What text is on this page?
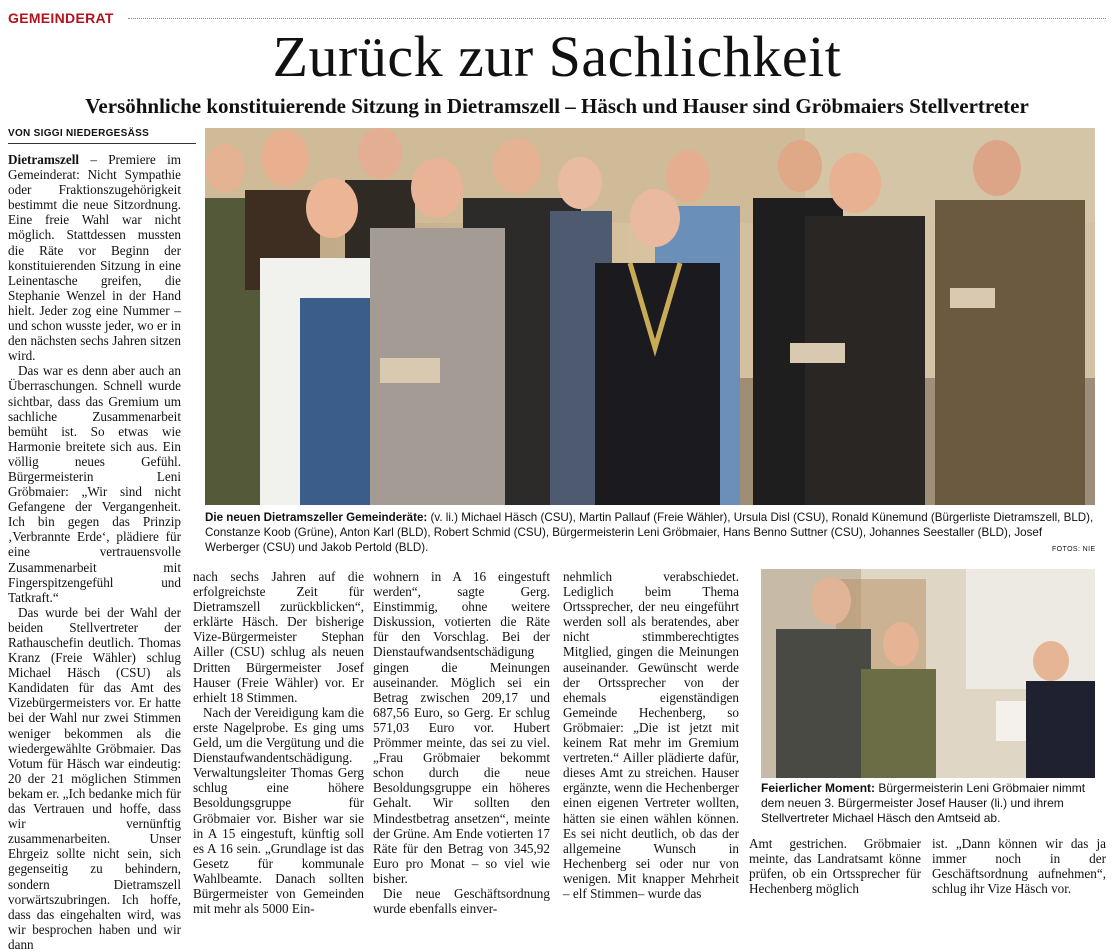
GEMEINDERAT
Zurück zur Sachlichkeit
Versöhnliche konstituierende Sitzung in Dietramszell – Häsch und Hauser sind Gröbmaiers Stellvertreter
VON SIGGI NIEDERGESÄSS

Dietramszell – Premiere im Gemeinderat: Nicht Sympathie oder Fraktionszugehörigkeit bestimmt die neue Sitzordnung. Eine freie Wahl war nicht möglich. Stattdessen mussten die Räte vor Beginn der konstituierenden Sitzung in eine Leinentasche greifen, die Stephanie Wenzel in der Hand hielt. Jeder zog eine Nummer – und schon wusste jeder, wo er in den nächsten sechs Jahren sitzen wird.

Das war es denn aber auch an Überraschungen. Schnell wurde sichtbar, dass das Gremium um sachliche Zusammenarbeit bemüht ist. So etwas wie Harmonie breitete sich aus. Ein völlig neues Gefühl. Bürgermeisterin Leni Gröbmaier: „Wir sind nicht Gefangene der Vergangenheit. Ich bin gegen das Prinzip ‚Verbrannte Erde‘, plädiere für eine vertrauensvolle Zusammenarbeit mit Fingerspitzengefühl und Tatkraft.“

Das wurde bei der Wahl der beiden Stellvertreter der Rathauschefin deutlich. Thomas Kranz (Freie Wähler) schlug Michael Häsch (CSU) als Kandidaten für das Amt des Vizebürgermeisters vor. Er hatte bei der Wahl nur zwei Stimmen weniger bekommen als die wiedergewählte Gröbmaier. Das Votum für Häsch war eindeutig: 20 der 21 möglichen Stimmen bekam er. „Ich bedanke mich für das Vertrauen und hoffe, dass wir vernünftig zusammenarbeiten. Unser Ehrgeiz sollte nicht sein, sich gegenseitig zu behindern, sondern Dietramszell vorwärtszubringen. Ich hoffe, dass das eingehalten wird, was wir besprochen haben und wir dann

Die neuen Dietramszeller Gemeinderäte: (v. li.) Michael Häsch (CSU), Martin Pallauf (Freie Wähler), Ursula Disl (CSU), Ronald Künemund (Bürgerliste Dietramszell, BLD), Constanze Koob (Grüne), Anton Karl (BLD), Robert Schmid (CSU), Bürgermeisterin Leni Gröbmaier, Hans Benno Suttner (CSU), Johannes Seestaller (BLD), Josef Werberger (CSU) und Jakob Pertold (BLD).	FOTOS: NIE

nach sechs Jahren auf die erfolgreichste Zeit für Dietramszell zurückblicken“, erklärte Häsch. Der bisherige Vize-Bürgermeister Stephan Ailler (CSU) schlug als neuen Dritten Bürgermeister Josef Hauser (Freie Wähler) vor. Er erhielt 18 Stimmen.

Nach der Vereidigung kam die erste Nagelprobe. Es ging ums Geld, um die Vergütung und die Dienstaufwandentschädigung. Verwaltungsleiter Thomas Gerg schlug eine höhere Besoldungsgruppe für Gröbmaier vor. Bisher war sie in A 15 eingestuft, künftig soll es A 16 sein. „Grundlage ist das Gesetz für kommunale Wahlbeamte. Danach sollten Bürgermeister von Gemeinden mit mehr als 5000 Ein-

wohnern in A 16 eingestuft werden“, sagte Gerg. Einstimmig, ohne weitere Diskussion, votierten die Räte für den Vorschlag. Bei der Dienstaufwandsentschädigung gingen die Meinungen auseinander. Möglich sei ein Betrag zwischen 209,17 und 687,56 Euro, so Gerg. Er schlug 571,03 Euro vor. Hubert Prömmer meinte, das sei zu viel. „Frau Gröbmaier bekommt schon durch die neue Besoldungsgruppe ein höheres Gehalt. Wir sollten den Mindestbetrag ansetzen“, meinte der Grüne. Am Ende votierten 17 Räte für den Betrag von 345,92 Euro pro Monat – so viel wie bisher.

Die neue Geschäftsordnung wurde ebenfalls einver-

nehmlich verabschiedet. Lediglich beim Thema Ortssprecher, der neu eingeführt werden soll als beratendes, aber nicht stimmberechtigtes Mitglied, gingen die Meinungen auseinander. Gewünscht werde der Ortssprecher von der ehemals eigenständigen Gemeinde Hechenberg, so Gröbmaier: „Die ist jetzt mit keinem Rat mehr im Gremium vertreten.“ Ailler plädierte dafür, dieses Amt zu streichen. Hauser ergänzte, wenn die Hechenberger einen eigenen Vertreter wollten, hätten sie einen wählen können. Es sei nicht deutlich, ob das der allgemeine Wunsch in Hechenberg sei oder nur von wenigen. Mit knapper Mehrheit – elf Stimmen– wurde das

Feierlicher Moment: Bürgermeisterin Leni Gröbmaier nimmt dem neuen 3. Bürgermeister Josef Hauser (li.) und ihrem Stellvertreter Michael Häsch den Amtseid ab.

Amt gestrichen. Gröbmaier meinte, das Landratsamt könne prüfen, ob ein Ortssprecher für Hechenberg möglich

ist. „Dann können wir das ja immer noch in der Geschäftsordnung aufnehmen“, schlug ihr Vize Häsch vor.
